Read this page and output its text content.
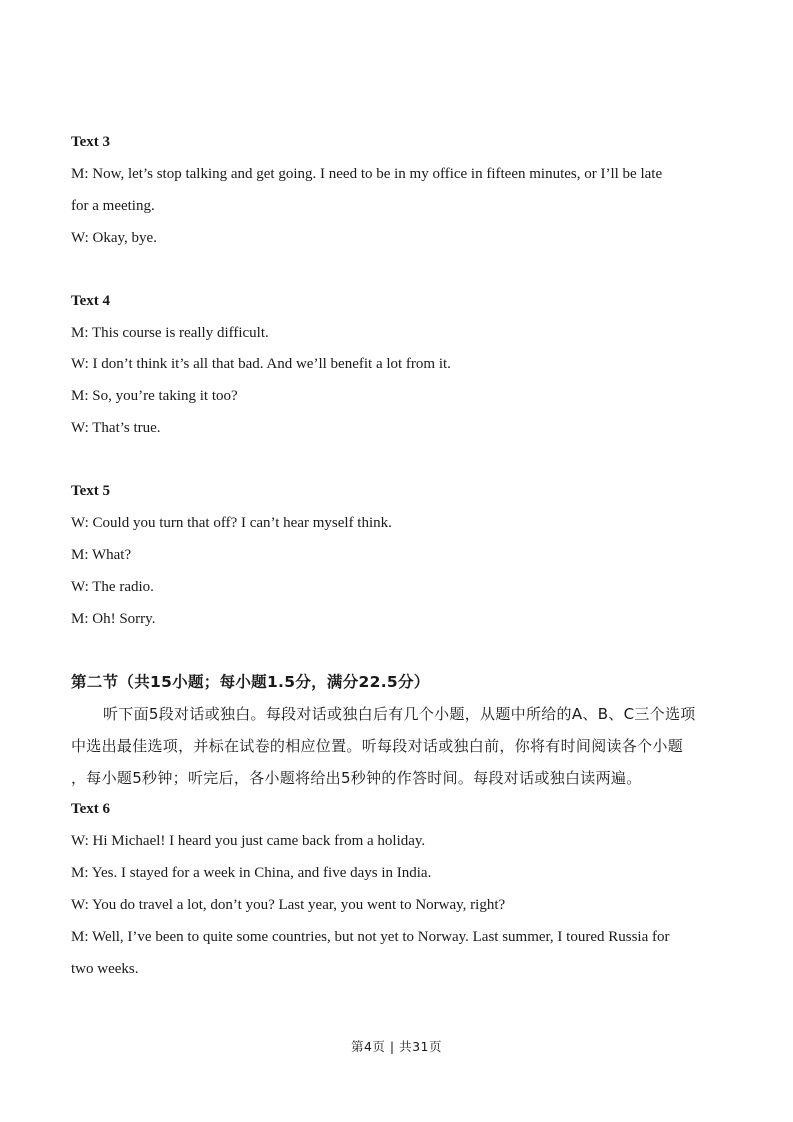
Text 3
M: Now, let’s stop talking and get going. I need to be in my office in fifteen minutes, or I’ll be late
for a meeting.
W: Okay, bye.
Text 4
M: This course is really difficult.
W: I don’t think it’s all that bad. And we’ll benefit a lot from it.
M: So, you’re taking it too?
W: That’s true.
Text 5
W: Could you turn that off? I can’t hear myself think.
M: What?
W: The radio.
M: Oh! Sorry.
第二节（共15小题；每小题1.5分，满分22.5分）
听下面5段对话或独白。每段对话或独白后有几个小题，从题中所给的A、B、C三个选项
中选出最佳选项，并标在试卷的相应位置。听每段对话或独白前，你将有时间阅读各个小题
，每小题5秒钟；听完后，各小题将给出5秒钟的作答时间。每段对话或独白读两遍。
Text 6
W: Hi Michael! I heard you just came back from a holiday.
M: Yes. I stayed for a week in China, and five days in India.
W: You do travel a lot, don’t you? Last year, you went to Norway, right?
M: Well, I’ve been to quite some countries, but not yet to Norway. Last summer, I toured Russia for
two weeks.
第4页 | 共31页
